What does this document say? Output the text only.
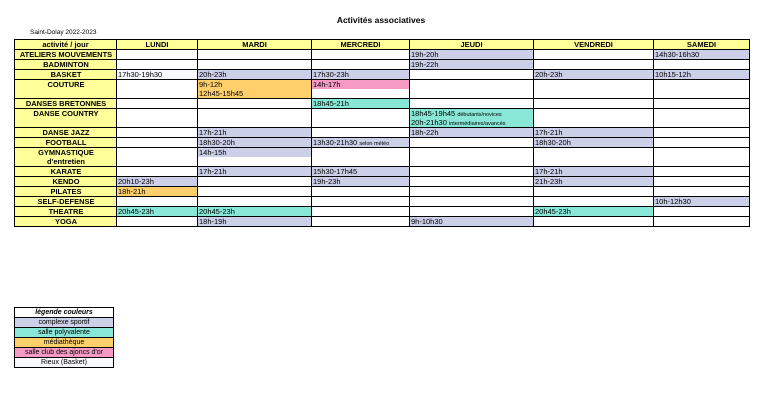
Activités associatives
Saint-Dolay 2022-2023
activité / jour	LUNDI	MARDI	MERCREDI	JEUDI	VENDREDI	SAMEDI

ATELIERS MOUVEMENTS				19h-20h		14h30-16h30

BADMINTON				19h-22h		

BASKET	17h30-19h30	20h-23h	17h30-23h		20h-23h	10h15-12h

COUTURE		9h-12h
12h45-15h45	14h-17h			

DANSES BRETONNES			18h45-21h			

DANSE COUNTRY				18h45-19h45 débutants/novices
20h-21h30 intermédiaires/avancés		

DANSE JAZZ		17h-21h		18h-22h	17h-21h	

FOOTBALL		18h30-20h	13h30-21h30 selon météo		18h30-20h	

GYMNASTIQUE
d'entretien		14h-15h				

KARATE		17h-21h	15h30-17h45		17h-21h	

KENDO	20h10-23h		19h-23h		21h-23h	

PILATES	18h-21h					

SELF-DEFENSE						10h-12h30

THEATRE	20h45-23h	20h45-23h			20h45-23h	

YOGA		18h-19h		9h-10h30		

légende couleurs
complexe sportif
salle polyvalente
médiathèque
salle club des ajoncs d'or
Rieux (Basket)
